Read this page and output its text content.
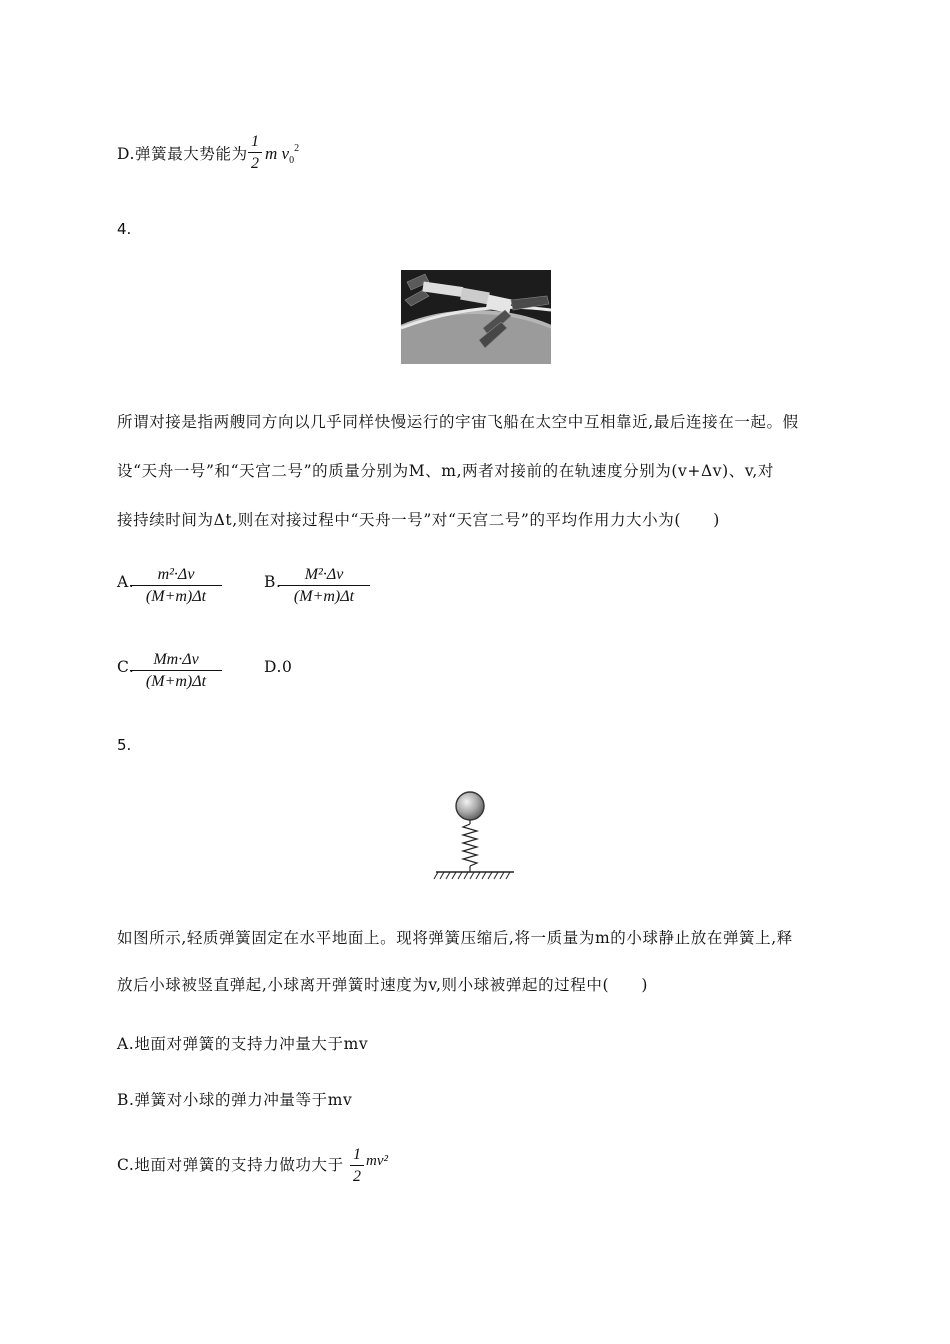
D.弹簧最大势能为
1
2
m $v_0^2$
4.
所谓对接是指两艘同方向以几乎同样快慢运行的宇宙飞船在太空中互相靠近,最后连接在一起。假
设“天舟一号”和“天宫二号”的质量分别为M、m,两者对接前的在轨速度分别为(v+Δv)、v,对
接持续时间为Δt,则在对接过程中“天舟一号”对“天宫二号”的平均作用力大小为(　　)
A.	m²·Δv
(M+m)Δt
B.	M²·Δv
(M+m)Δt
C.	Mm·Δv
(M+m)Δt
D.0
5.
如图所示,轻质弹簧固定在水平地面上。现将弹簧压缩后,将一质量为m的小球静止放在弹簧上,释
放后小球被竖直弹起,小球离开弹簧时速度为v,则小球被弹起的过程中(　　)
A.地面对弹簧的支持力冲量大于mv
B.弹簧对小球的弹力冲量等于mv
C.地面对弹簧的支持力做功大于
1
2
mv²
